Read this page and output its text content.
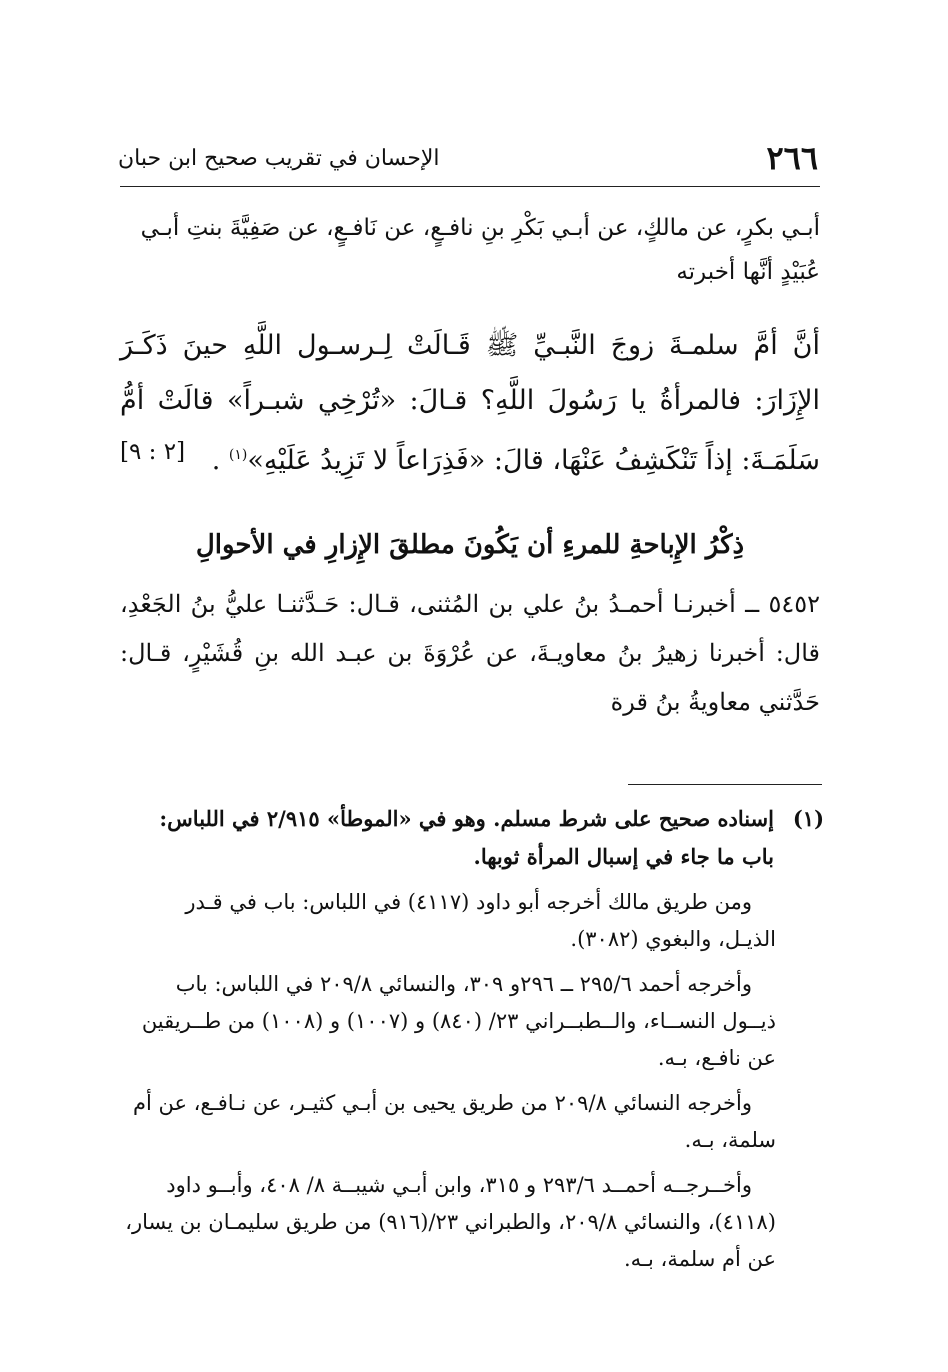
٢٦٦
الإحسان في تقريب صحيح ابن حبان
أبـي بكرٍ، عن مالكٍ، عن أبـي بَكْرِ بنِ نافـعٍ، عن نَافـعٍ، عن صَفِيَّةَ بنتِ أبـي عُبَيْدٍ أنَّها أخبرته
أنَّ أمَّ سلمـةَ زوجَ النَّبـيِّ ﷺ قَـالَتْ لِـرسـول اللَّهِ حينَ ذَكَـرَ الإِزَارَ: فالمرأةُ يا رَسُولَ اللَّهِ؟ قـالَ: «تُرْخِي شبـراً» قالَتْ أمُّ سَلَمَـةَ: إذاً تَنْكَشِفُ عَنْهَا، قالَ: «فَذِرَاعاً لا تَزِيدُ عَلَيْهِ»$^{(١)}$ .
[٢ : ٩]
ذِكْرُ الإِباحةِ للمرءِ أن يَكُونَ مطلقَ الإِزارِ في الأحوالِ
٥٤٥٢ ــ أخبرنـا أحمـدُ بنُ علي بن المُثنى، قـال: حَـدَّثنـا عليُّ بنُ الجَعْدِ، قال: أخبرنا زهيرُ بنُ معاويـةَ، عن عُرْوَةَ بن عبـد الله بنِ قُشَيْرٍ، قـال: حَدَّثني معاويةُ بنُ قرة
(١)
إسناده صحيح على شرط مسلم. وهو في «الموطأ» ٢/٩١٥ في اللباس: باب ما جاء في إسبال المرأة ثوبها.
ومن طريق مالك أخرجه أبو داود (٤١١٧) في اللباس: باب في قـدر الذيـل، والبغوي (٣٠٨٢).
وأخرجه أحمد ٢٩٥/٦ ــ ٢٩٦و ٣٠٩، والنسائي ٢٠٩/٨ في اللباس: باب ذيــول النســاء، والــطبــراني ٢٣/ (٨٤٠) و (١٠٠٧) و (١٠٠٨) من طــريقين عن نافـع، بـه.
وأخرجه النسائي ٢٠٩/٨ من طريق يحيى بن أبـي كثيـر، عن نـافـع، عن أم سلمة، بـه.
وأخــرجــه أحمــد ٢٩٣/٦ و ٣١٥، وابن أبـي شيبــة ٨/ ٤٠٨، وأبــو داود (٤١١٨)، والنسائي ٢٠٩/٨، والطبراني ٢٣/(٩١٦) من طريق سليمـان بن يسار، عن أم سلمة، بـه.
